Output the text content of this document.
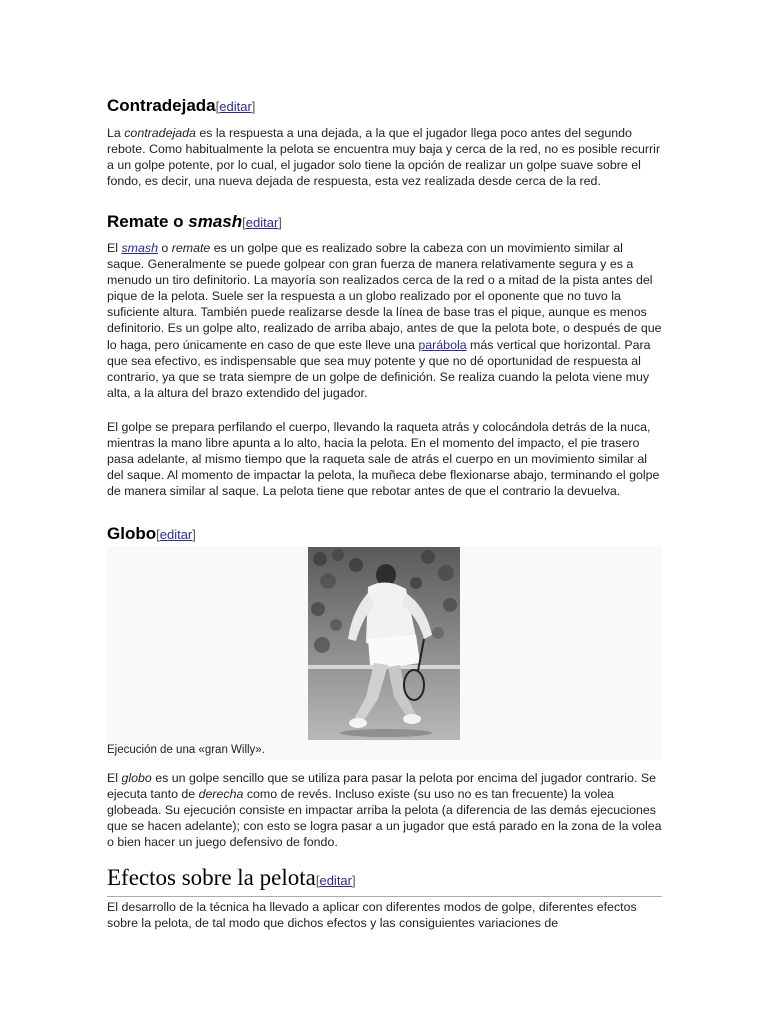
Contradejada[editar]

La contradejada es la respuesta a una dejada, a la que el jugador llega poco antes del segundo rebote. Como habitualmente la pelota se encuentra muy baja y cerca de la red, no es posible recurrir a un golpe potente, por lo cual, el jugador solo tiene la opción de realizar un golpe suave sobre el fondo, es decir, una nueva dejada de respuesta, esta vez realizada desde cerca de la red.

Remate o smash[editar]

El smash o remate es un golpe que es realizado sobre la cabeza con un movimiento similar al saque. Generalmente se puede golpear con gran fuerza de manera relativamente segura y es a menudo un tiro definitorio. La mayoría son realizados cerca de la red o a mitad de la pista antes del pique de la pelota. Suele ser la respuesta a un globo realizado por el oponente que no tuvo la suficiente altura. También puede realizarse desde la línea de base tras el pique, aunque es menos definitorio. Es un golpe alto, realizado de arriba abajo, antes de que la pelota bote, o después de que lo haga, pero únicamente en caso de que este lleve una parábola más vertical que horizontal. Para que sea efectivo, es indispensable que sea muy potente y que no dé oportunidad de respuesta al contrario, ya que se trata siempre de un golpe de definición. Se realiza cuando la pelota viene muy alta, a la altura del brazo extendido del jugador.

El golpe se prepara perfilando el cuerpo, llevando la raqueta atrás y colocándola detrás de la nuca, mientras la mano libre apunta a lo alto, hacia la pelota. En el momento del impacto, el pie trasero pasa adelante, al mismo tiempo que la raqueta sale de atrás el cuerpo en un movimiento similar al del saque. Al momento de impactar la pelota, la muñeca debe flexionarse abajo, terminando el golpe de manera similar al saque. La pelota tiene que rebotar antes de que el contrario la devuelva.

Globo[editar]
Ejecución de una «gran Willy».

El globo es un golpe sencillo que se utiliza para pasar la pelota por encima del jugador contrario. Se ejecuta tanto de derecha como de revés. Incluso existe (su uso no es tan frecuente) la volea globeada. Su ejecución consiste en impactar arriba la pelota (a diferencia de las demás ejecuciones que se hacen adelante); con esto se logra pasar a un jugador que está parado en la zona de la volea o bien hacer un juego defensivo de fondo.

Efectos sobre la pelota[editar]

El desarrollo de la técnica ha llevado a aplicar con diferentes modos de golpe, diferentes efectos sobre la pelota, de tal modo que dichos efectos y las consiguientes variaciones de
